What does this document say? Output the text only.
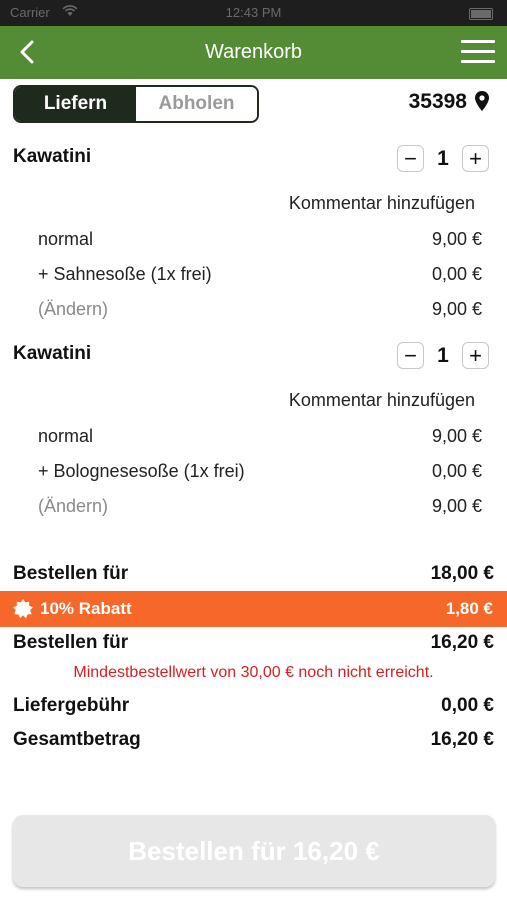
Carrier	12:43 PM
Warenkorb
Liefern	Abholen	35398
Kawatini	− 1 +
Kommentar hinzufügen
normal	9,00 €
+ Sahnesoße (1x frei)	0,00 €
(Ändern)	9,00 €
Kawatini	− 1 +
Kommentar hinzufügen
normal	9,00 €
+ Bolognesesoße (1x frei)	0,00 €
(Ändern)	9,00 €
Bestellen für	18,00 €
10% Rabatt	1,80 €
Bestellen für	16,20 €
Mindestbestellwert von 30,00 € noch nicht erreicht.
Liefergebühr	0,00 €
Gesamtbetrag	16,20 €
Bestellen für 16,20 €
